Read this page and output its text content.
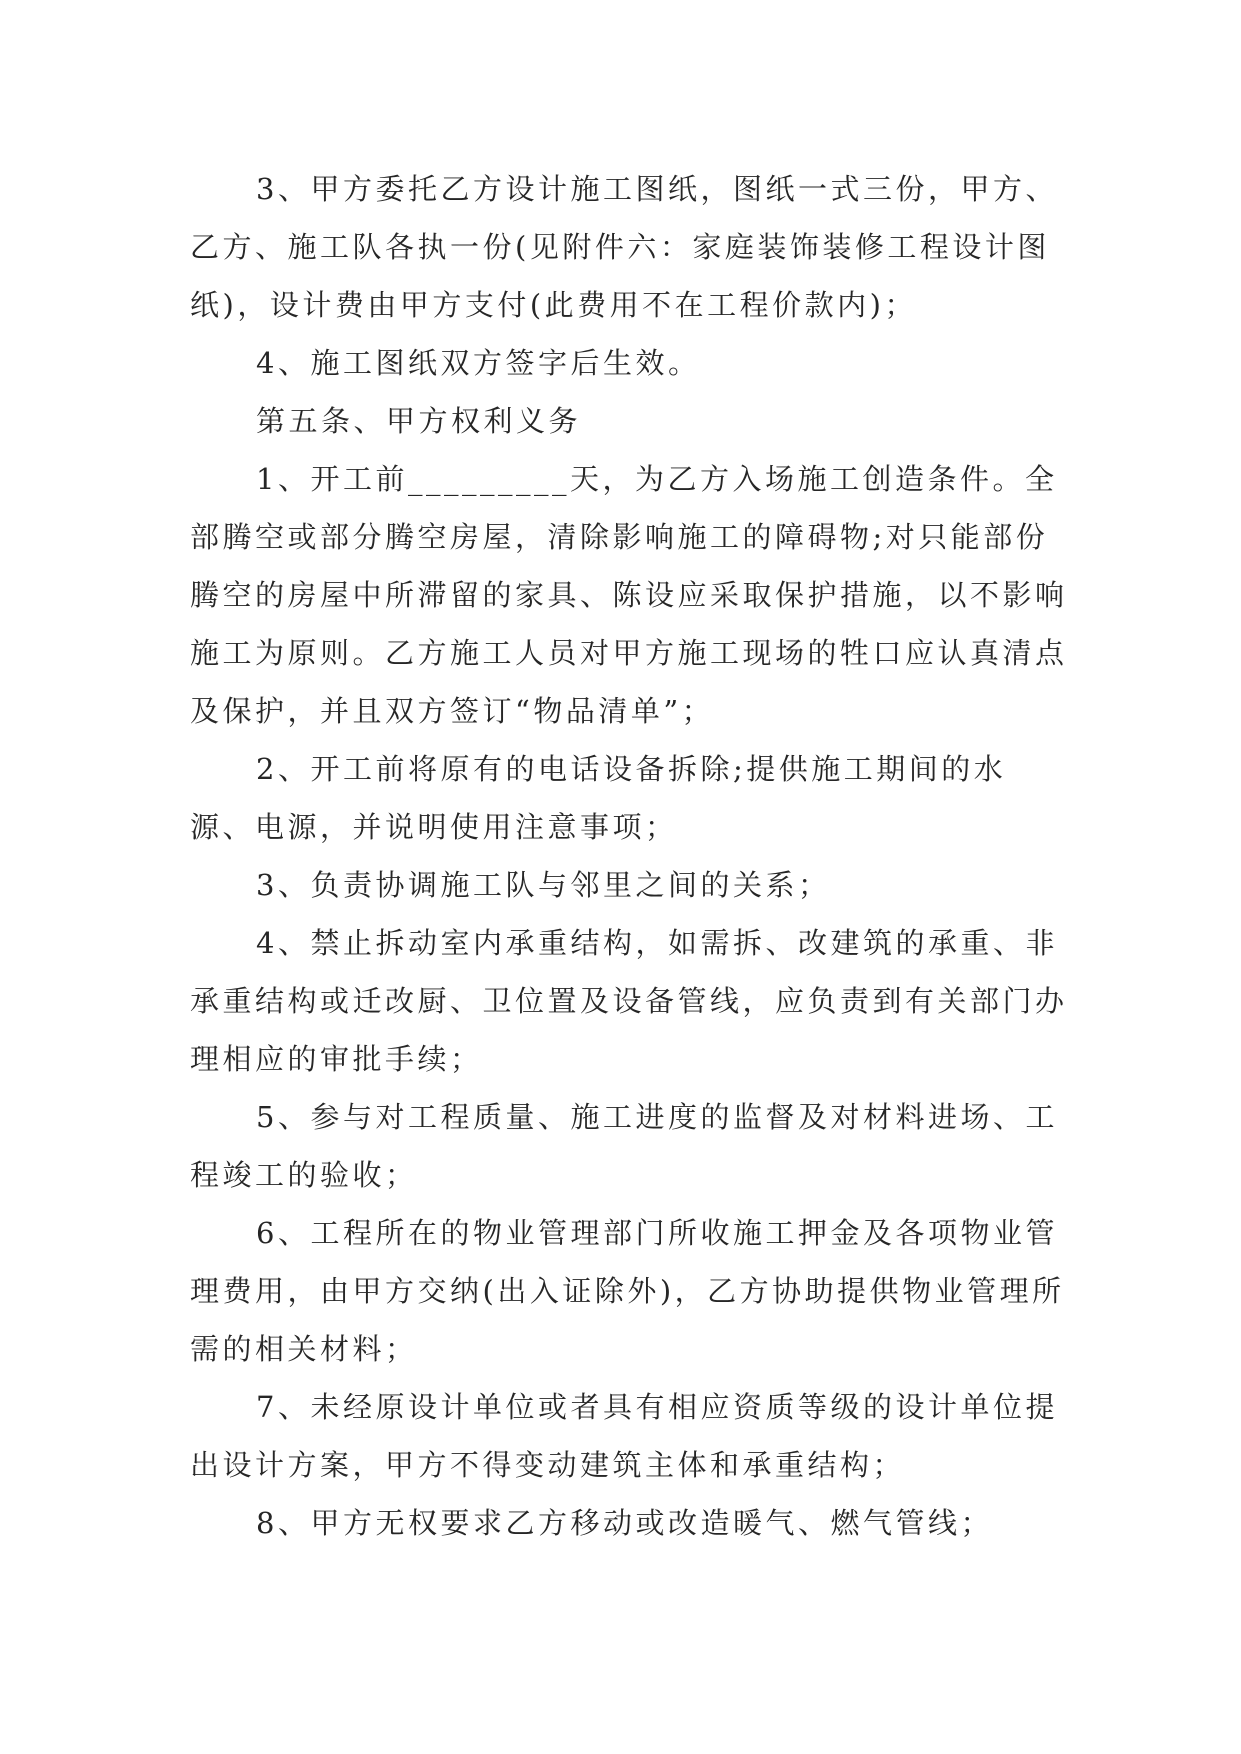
3、甲方委托乙方设计施工图纸，图纸一式三份，甲方、乙方、施工队各执一份(见附件六：家庭装饰装修工程设计图纸)，设计费由甲方支付(此费用不在工程价款内)；

4、施工图纸双方签字后生效。

第五条、甲方权利义务

1、开工前_________天，为乙方入场施工创造条件。全部腾空或部分腾空房屋，清除影响施工的障碍物;对只能部份腾空的房屋中所滞留的家具、陈设应采取保护措施，以不影响施工为原则。乙方施工人员对甲方施工现场的牲口应认真清点及保护，并且双方签订“物品清单”；

2、开工前将原有的电话设备拆除;提供施工期间的水源、电源，并说明使用注意事项；

3、负责协调施工队与邻里之间的关系；

4、禁止拆动室内承重结构，如需拆、改建筑的承重、非承重结构或迁改厨、卫位置及设备管线，应负责到有关部门办理相应的审批手续；

5、参与对工程质量、施工进度的监督及对材料进场、工程竣工的验收；

6、工程所在的物业管理部门所收施工押金及各项物业管理费用，由甲方交纳(出入证除外)，乙方协助提供物业管理所需的相关材料；

7、未经原设计单位或者具有相应资质等级的设计单位提出设计方案，甲方不得变动建筑主体和承重结构；

8、甲方无权要求乙方移动或改造暖气、燃气管线；
